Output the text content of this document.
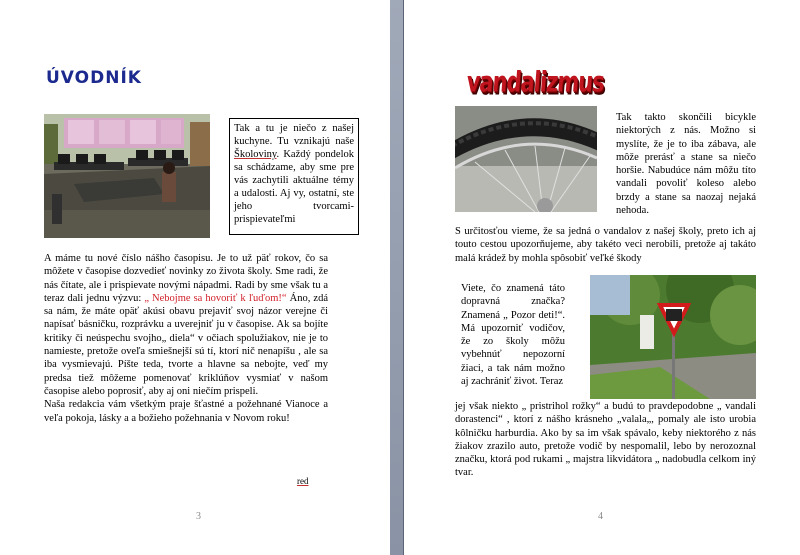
ÚVODNÍK
Tak a tu je niečo z našej kuchyne. Tu vznikajú naše Školoviny. Každý pondelok sa schádzame, aby sme pre vás zachytili aktuálne témy a udalosti. Aj vy, ostatní, ste jeho tvorcami- prispievateľmi
A máme tu nové číslo nášho časopisu. Je to už päť rokov, čo sa môžete v časopise dozvedieť novinky zo života školy. Sme radi, že nás čítate, ale i prispievate novými nápadmi. Radi by sme však tu a teraz dali jednu výzvu: „ Nebojme sa hovoriť k ľuďom!“ Áno, zdá sa nám, že máte opäť akúsi obavu prejaviť svoj názor verejne či napísať básničku, rozprávku a uverejniť ju v časopise. Ak sa bojíte kritiky či neúspechu svojho„ diela“ v očiach spolužiakov, nie je to namieste, pretože oveľa smiešnejší sú tí, ktorí nič nenapíšu , ale sa iba vysmievajú. Píšte teda, tvorte a hlavne sa nebojte, veď my predsa tiež môžeme pomenovať kriklúňov vysmiať v našom časopise alebo poprosiť, aby aj oni niečím prispeli.
Naša redakcia vám všetkým praje šťastné a požehnané Vianoce a veľa pokoja, lásky a a božieho požehnania v Novom roku!
red
3
vandalizmus
Tak takto skončili bicykle niektorých z nás. Možno si myslíte, že je to iba zábava, ale môže prerásť a stane sa niečo horšie. Nabudúce nám môžu títo vandali povoliť koleso alebo brzdy a stane sa naozaj nejaká nehoda.
S určitosťou vieme, že sa jedná o vandalov z našej školy, preto ich aj touto cestou upozorňujeme, aby takéto veci nerobili, pretože aj takáto malá krádež by mohla spôsobiť veľké škody
Viete, čo znamená táto dopravná značka? Znamená „ Pozor deti!“. Má upozorniť vodičov, že zo školy môžu vybehnúť nepozorní žiaci, a tak nám možno aj zachrániť život. Teraz
jej však niekto „ pristrihol rožky“ a budú to pravdepodobne „ vandali dorastenci“ , ktorí z nášho krásneho „valala„, pomaly ale isto urobia kôlničku harburdia. Ako by sa im však spávalo, keby niektorého z nás žiakov zrazilo auto, pretože vodič by nespomalil, lebo by nerozoznal značku, ktorá pod rukami „ majstra likvidátora „ nadobudla celkom iný tvar.
4
